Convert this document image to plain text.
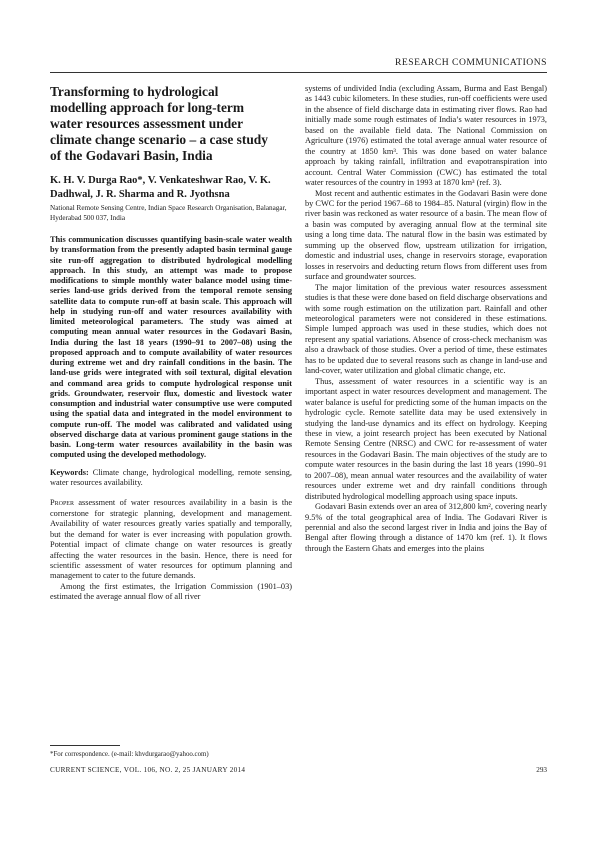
RESEARCH COMMUNICATIONS
Transforming to hydrological modelling approach for long-term water resources assessment under climate change scenario – a case study of the Godavari Basin, India

K. H. V. Durga Rao*, V. Venkateshwar Rao, V. K. Dadhwal, J. R. Sharma and R. Jyothsna

National Remote Sensing Centre, Indian Space Research Organisation, Balanagar, Hyderabad 500 037, India

This communication discusses quantifying basin-scale water wealth by transformation from the presently adapted basin terminal gauge site run-off aggregation to distributed hydrological modelling approach. In this study, an attempt was made to propose modifications to simple monthly water balance model using time-series land-use grids derived from the temporal remote sensing satellite data to compute run-off at basin scale. This approach will help in studying run-off and water resources availability with limited meteorological parameters. The study was aimed at computing mean annual water resources in the Godavari Basin, India during the last 18 years (1990–91 to 2007–08) using the proposed approach and to compute availability of water resources during extreme wet and dry rainfall conditions in the basin. The land-use grids were integrated with soil textural, digital elevation and command area grids to compute hydrological response unit grids. Groundwater, reservoir flux, domestic and livestock water consumption and industrial water consumptive use were computed using the spatial data and integrated in the model environment to compute run-off. The model was calibrated and validated using observed discharge data at various prominent gauge stations in the basin. Long-term water resources availability in the basin was computed using the developed methodology.

Keywords: Climate change, hydrological modelling, remote sensing, water resources availability.

Proper assessment of water resources availability in a basin is the cornerstone for strategic planning, development and management. Availability of water resources greatly varies spatially and temporally, but the demand for water is ever increasing with population growth. Potential impact of climate change on water resources is greatly affecting the water resources in the basin. Hence, there is need for scientific assessment of water resources for optimum planning and management to cater to the future demands.

Among the first estimates, the Irrigation Commission (1901–03) estimated the average annual flow of all river

systems of undivided India (excluding Assam, Burma and East Bengal) as 1443 cubic kilometers. In these studies, run-off coefficients were used in the absence of field discharge data in estimating river flows. Rao had initially made some rough estimates of India’s water resources in 1973, based on the available field data. The National Commission on Agriculture (1976) estimated the total average annual water resource of the country at 1850 km³. This was done based on water balance approach by taking rainfall, infiltration and evapotranspiration into account. Central Water Commission (CWC) has estimated the total water resources of the country in 1993 at 1870 km³ (ref. 3).

Most recent and authentic estimates in the Godavari Basin were done by CWC for the period 1967–68 to 1984–85. Natural (virgin) flow in the river basin was reckoned as water resource of a basin. The mean flow of a basin was computed by averaging annual flow at the terminal site using a long time data. The natural flow in the basin was estimated by summing up the observed flow, upstream utilization for irrigation, domestic and industrial uses, change in reservoirs storage, evaporation losses in reservoirs and deducting return flows from different uses from surface and groundwater sources.

The major limitation of the previous water resources assessment studies is that these were done based on field discharge observations and with some rough estimation on the utilization part. Rainfall and other meteorological parameters were not considered in these estimations. Simple lumped approach was used in these studies, which does not represent any spatial variations. Absence of cross-check mechanism was also a drawback of those studies. Over a period of time, these estimates has to be updated due to several reasons such as change in land-use and land-cover, water utilization and global climatic change, etc.

Thus, assessment of water resources in a scientific way is an important aspect in water resources development and management. The water balance is useful for predicting some of the human impacts on the hydrologic cycle. Remote satellite data may be used extensively in studying the land-use dynamics and its effect on hydrology. Keeping these in view, a joint research project has been executed by National Remote Sensing Centre (NRSC) and CWC for re-assessment of water resources in the Godavari Basin. The main objectives of the study are to compute water resources in the basin during the last 18 years (1990–91 to 2007–08), mean annual water resources and the availability of water resources under extreme wet and dry rainfall conditions through distributed hydrological modelling approach using space inputs.

Godavari Basin extends over an area of 312,800 km², covering nearly 9.5% of the total geographical area of India. The Godavari River is perennial and also the second largest river in India and joins the Bay of Bengal after flowing through a distance of 1470 km (ref. 1). It flows through the Eastern Ghats and emerges into the plains

*For correspondence. (e-mail: khvdurgarao@yahoo.com)
CURRENT SCIENCE, VOL. 106, NO. 2, 25 JANUARY 2014	293
